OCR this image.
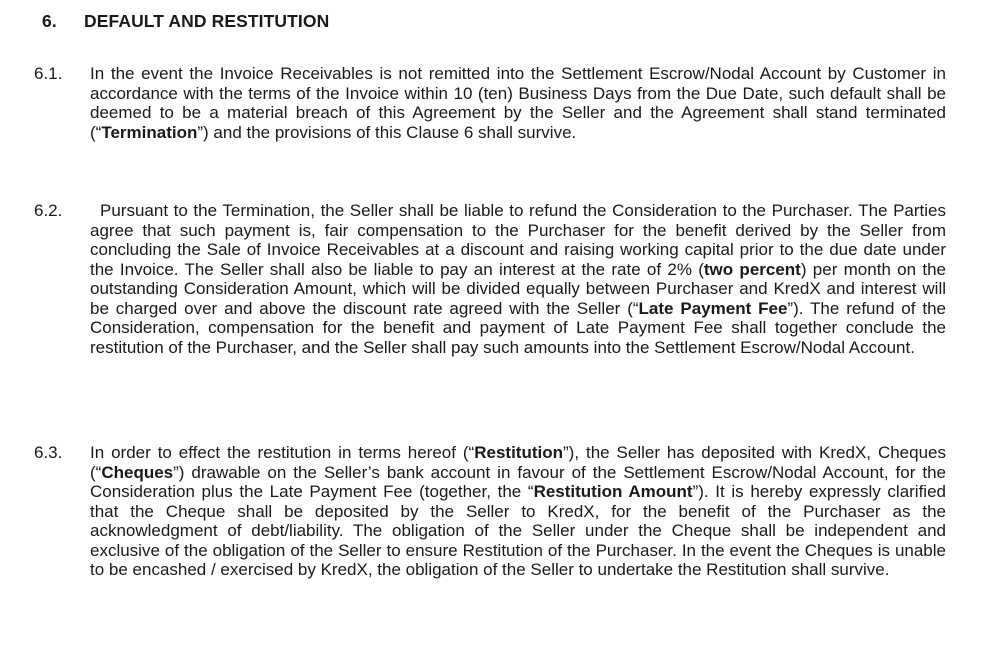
6. DEFAULT AND RESTITUTION
6.1. In the event the Invoice Receivables is not remitted into the Settlement Escrow/Nodal Account by Customer in accordance with the terms of the Invoice within 10 (ten) Business Days from the Due Date, such default shall be deemed to be a material breach of this Agreement by the Seller and the Agreement shall stand terminated (“Termination”) and the provisions of this Clause 6 shall survive.
6.2.	Pursuant to the Termination, the Seller shall be liable to refund the Consideration to the Purchaser. The Parties agree that such payment is, fair compensation to the Purchaser for the benefit derived by the Seller from concluding the Sale of Invoice Receivables at a discount and raising working capital prior to the due date under the Invoice. The Seller shall also be liable to pay an interest at the rate of 2% (two percent) per month on the outstanding Consideration Amount, which will be divided equally between Purchaser and KredX and interest will be charged over and above the discount rate agreed with the Seller (“Late Payment Fee”). The refund of the Consideration, compensation for the benefit and payment of Late Payment Fee shall together conclude the restitution of the Purchaser, and the Seller shall pay such amounts into the Settlement Escrow/Nodal Account.
6.3. In order to effect the restitution in terms hereof (“Restitution”), the Seller has deposited with KredX, Cheques (“Cheques”) drawable on the Seller’s bank account in favour of the Settlement Escrow/Nodal Account, for the Consideration plus the Late Payment Fee (together, the “Restitution Amount”). It is hereby expressly clarified that the Cheque shall be deposited by the Seller to KredX, for the benefit of the Purchaser as the acknowledgment of debt/liability. The obligation of the Seller under the Cheque shall be independent and exclusive of the obligation of the Seller to ensure Restitution of the Purchaser. In the event the Cheques is unable to be encashed / exercised by KredX, the obligation of the Seller to undertake the Restitution shall survive.
